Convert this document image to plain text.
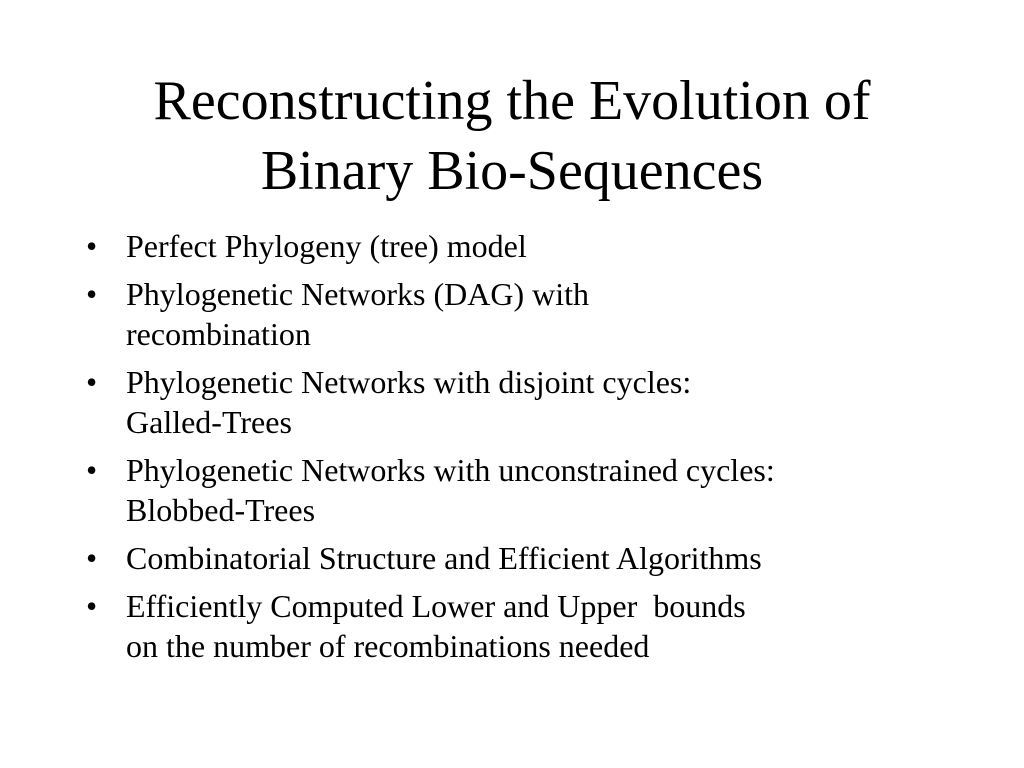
Reconstructing the Evolution of
Binary Bio-Sequences
• Perfect Phylogeny (tree) model
• Phylogenetic Networks (DAG) with
recombination
• Phylogenetic Networks with disjoint cycles:
Galled-Trees
• Phylogenetic Networks with unconstrained cycles:
Blobbed-Trees
• Combinatorial Structure and Efficient Algorithms
• Efficiently Computed Lower and Upper  bounds
on the number of recombinations needed
